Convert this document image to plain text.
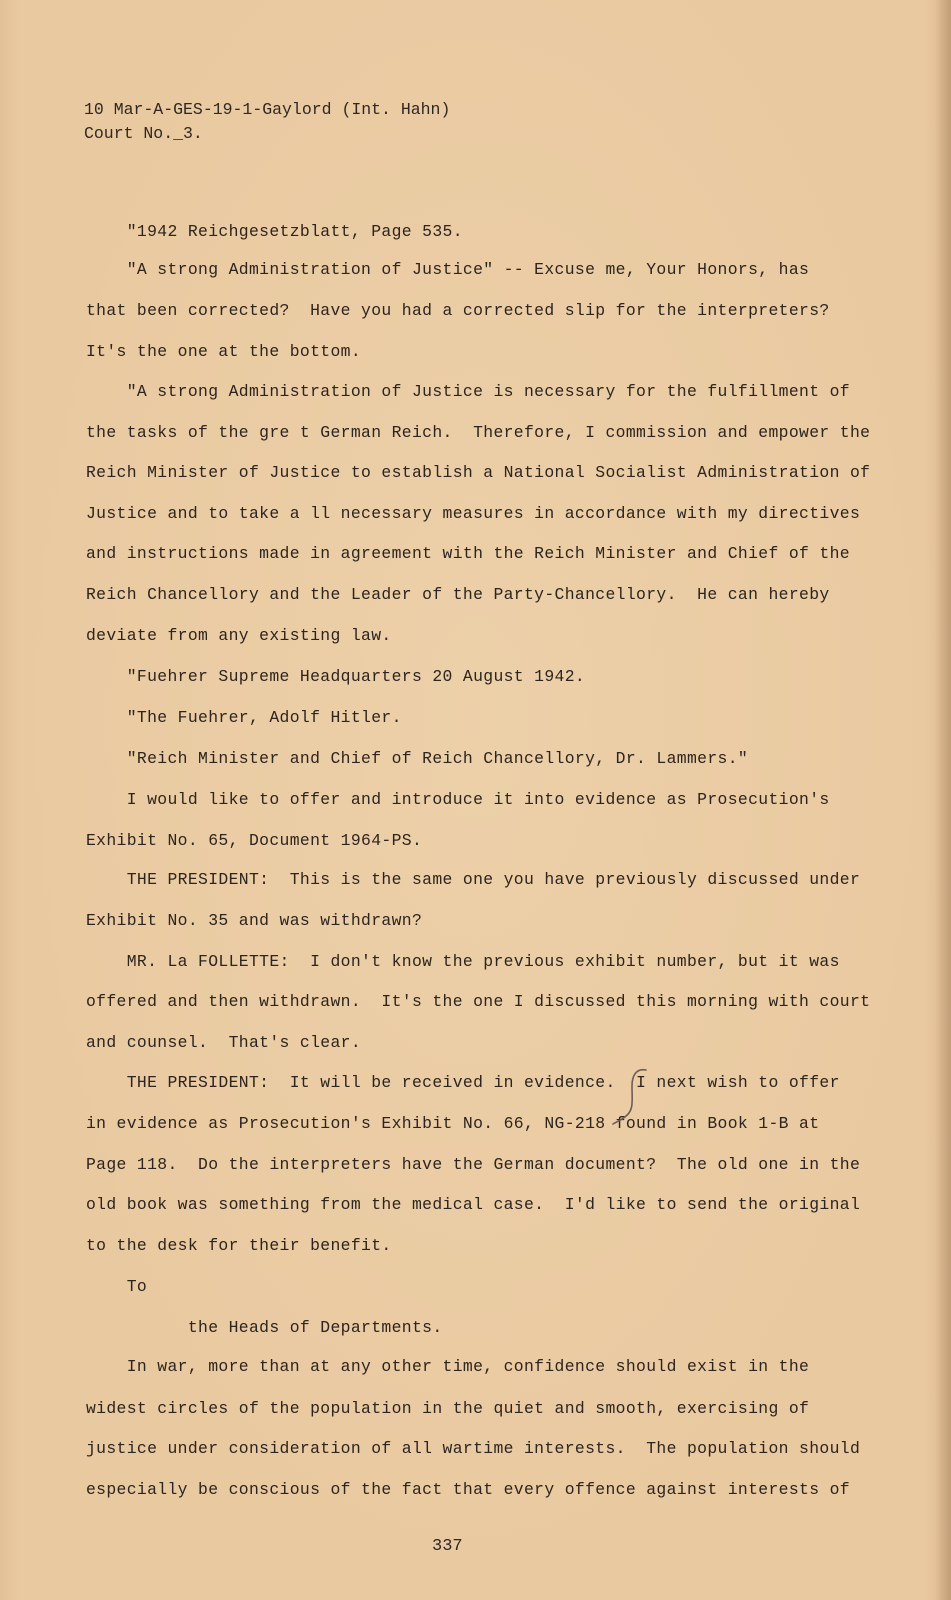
10 Mar-A-GES-19-1-Gaylord (Int. Hahn)
Court No._3.
"1942 Reichgesetzblatt, Page 535.
"A strong Administration of Justice" -- Excuse me, Your Honors, has
that been corrected?  Have you had a corrected slip for the interpreters?
It's the one at the bottom.
"A strong Administration of Justice is necessary for the fulfillment of
the tasks of the gre t German Reich.  Therefore, I commission and empower the
Reich Minister of Justice to establish a National Socialist Administration of
Justice and to take a ll necessary measures in accordance with my directives
and instructions made in agreement with the Reich Minister and Chief of the
Reich Chancellory and the Leader of the Party-Chancellory.  He can hereby
deviate from any existing law.
"Fuehrer Supreme Headquarters 20 August 1942.
"The Fuehrer, Adolf Hitler.
"Reich Minister and Chief of Reich Chancellory, Dr. Lammers."
I would like to offer and introduce it into evidence as Prosecution's
Exhibit No. 65, Document 1964-PS.
THE PRESIDENT:  This is the same one you have previously discussed under
Exhibit No. 35 and was withdrawn?
MR. La FOLLETTE:  I don't know the previous exhibit number, but it was
offered and then withdrawn.  It's the one I discussed this morning with court
and counsel.  That's clear.
THE PRESIDENT:  It will be received in evidence.  I next wish to offer
in evidence as Prosecution's Exhibit No. 66, NG-218 found in Book 1-B at
Page 118.  Do the interpreters have the German document?  The old one in the
old book was something from the medical case.  I'd like to send the original
to the desk for their benefit.
To
the Heads of Departments.
In war, more than at any other time, confidence should exist in the
widest circles of the population in the quiet and smooth, exercising of
justice under consideration of all wartime interests.  The population should
especially be conscious of the fact that every offence against interests of
337
